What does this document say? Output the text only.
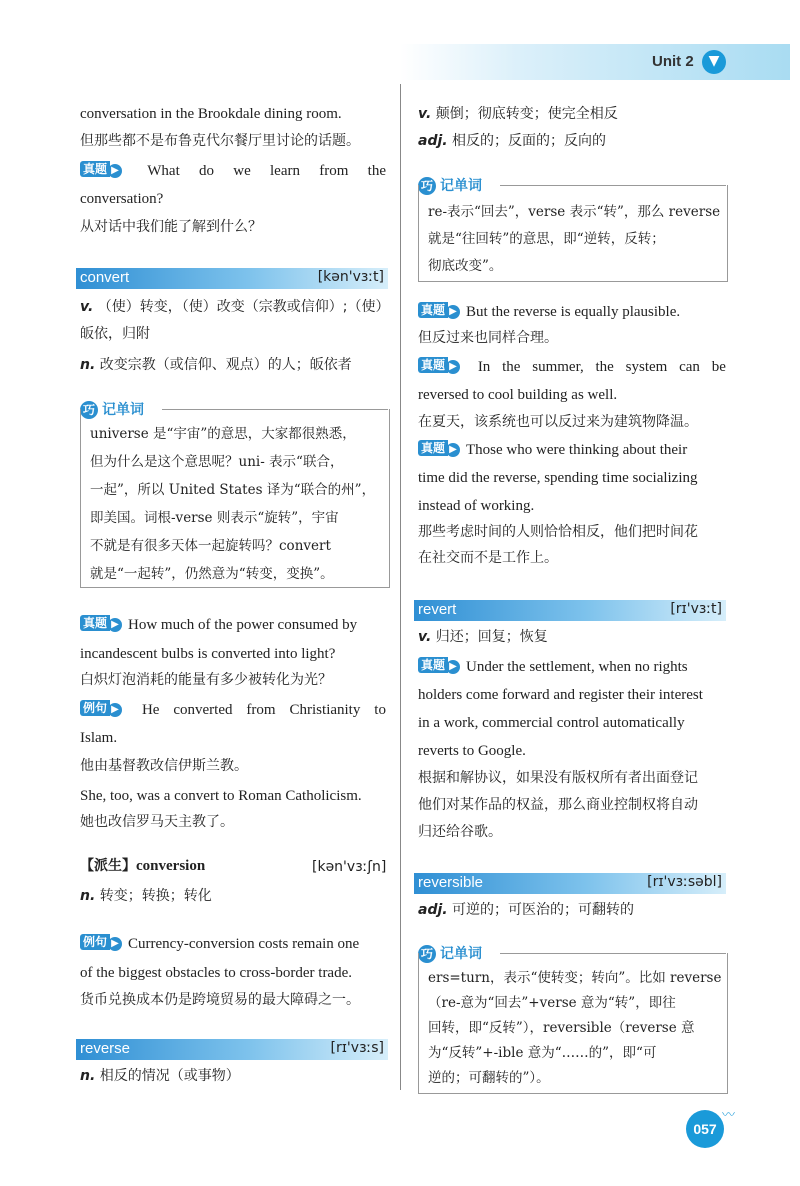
Unit 2	▼
conversation in the Brookdale dining room.
但那些都不是布鲁克代尔餐厅里讨论的话题。
真题 ▶	What do we learn from the
conversation?
从对话中我们能了解到什么？
convert	[kən'vɜːt]
v. （使）转变，（使）改变（宗教或信仰）;（使）
皈依，归附
n. 改变宗教（或信仰、观点）的人；皈依者
巧 记单词
universe 是“宇宙”的意思，大家都很熟悉，
但为什么是这个意思呢？uni- 表示“联合，
一起”，所以 United States 译为“联合的州”，
即美国。词根-verse 则表示“旋转”，宇宙
不就是有很多天体一起旋转吗？convert
就是“一起转”，仍然意为“转变，变换”。
真题 ▶ How much of the power consumed by
incandescent bulbs is converted into light?
白炽灯泡消耗的能量有多少被转化为光？
例句 ▶	He converted from Christianity to
Islam.
他由基督教改信伊斯兰教。
She, too, was a convert to Roman Catholicism.
她也改信罗马天主教了。
【派生】conversion	[kən'vɜːʃn]
n. 转变；转换；转化
例句 ▶ Currency-conversion costs remain one
of the biggest obstacles to cross-border trade.
货币兑换成本仍是跨境贸易的最大障碍之一。
reverse	[rɪ'vɜːs]
n. 相反的情况（或事物）
v. 颠倒；彻底转变；使完全相反
adj. 相反的；反面的；反向的
巧 记单词
re-表示“回去”，verse 表示“转”，那么 reverse
就是“往回转”的意思，即“逆转，反转；
彻底改变”。
真题 ▶ But the reverse is equally plausible.
但反过来也同样合理。
真题 ▶	In the summer, the system can be
reversed to cool building as well.
在夏天，该系统也可以反过来为建筑物降温。
真题 ▶ Those who were thinking about their
time did the reverse, spending time socializing
instead of working.
那些考虑时间的人则恰恰相反，他们把时间花
在社交而不是工作上。
revert	[rɪ'vɜːt]
v. 归还；回复；恢复
真题 ▶ Under the settlement, when no rights
holders come forward and register their interest
in a work, commercial control automatically
reverts to Google.
根据和解协议，如果没有版权所有者出面登记
他们对某作品的权益，那么商业控制权将自动
归还给谷歌。
reversible	[rɪ'vɜːsəbl]
adj. 可逆的；可医治的；可翻转的
巧 记单词
ers=turn，表示“使转变；转向”。比如 reverse
（re-意为“回去”+verse 意为“转”，即往
回转，即“反转”），reversible（reverse 意
为“反转”+-ible 意为“……的”，即“可
逆的；可翻转的”）。
057
〰
